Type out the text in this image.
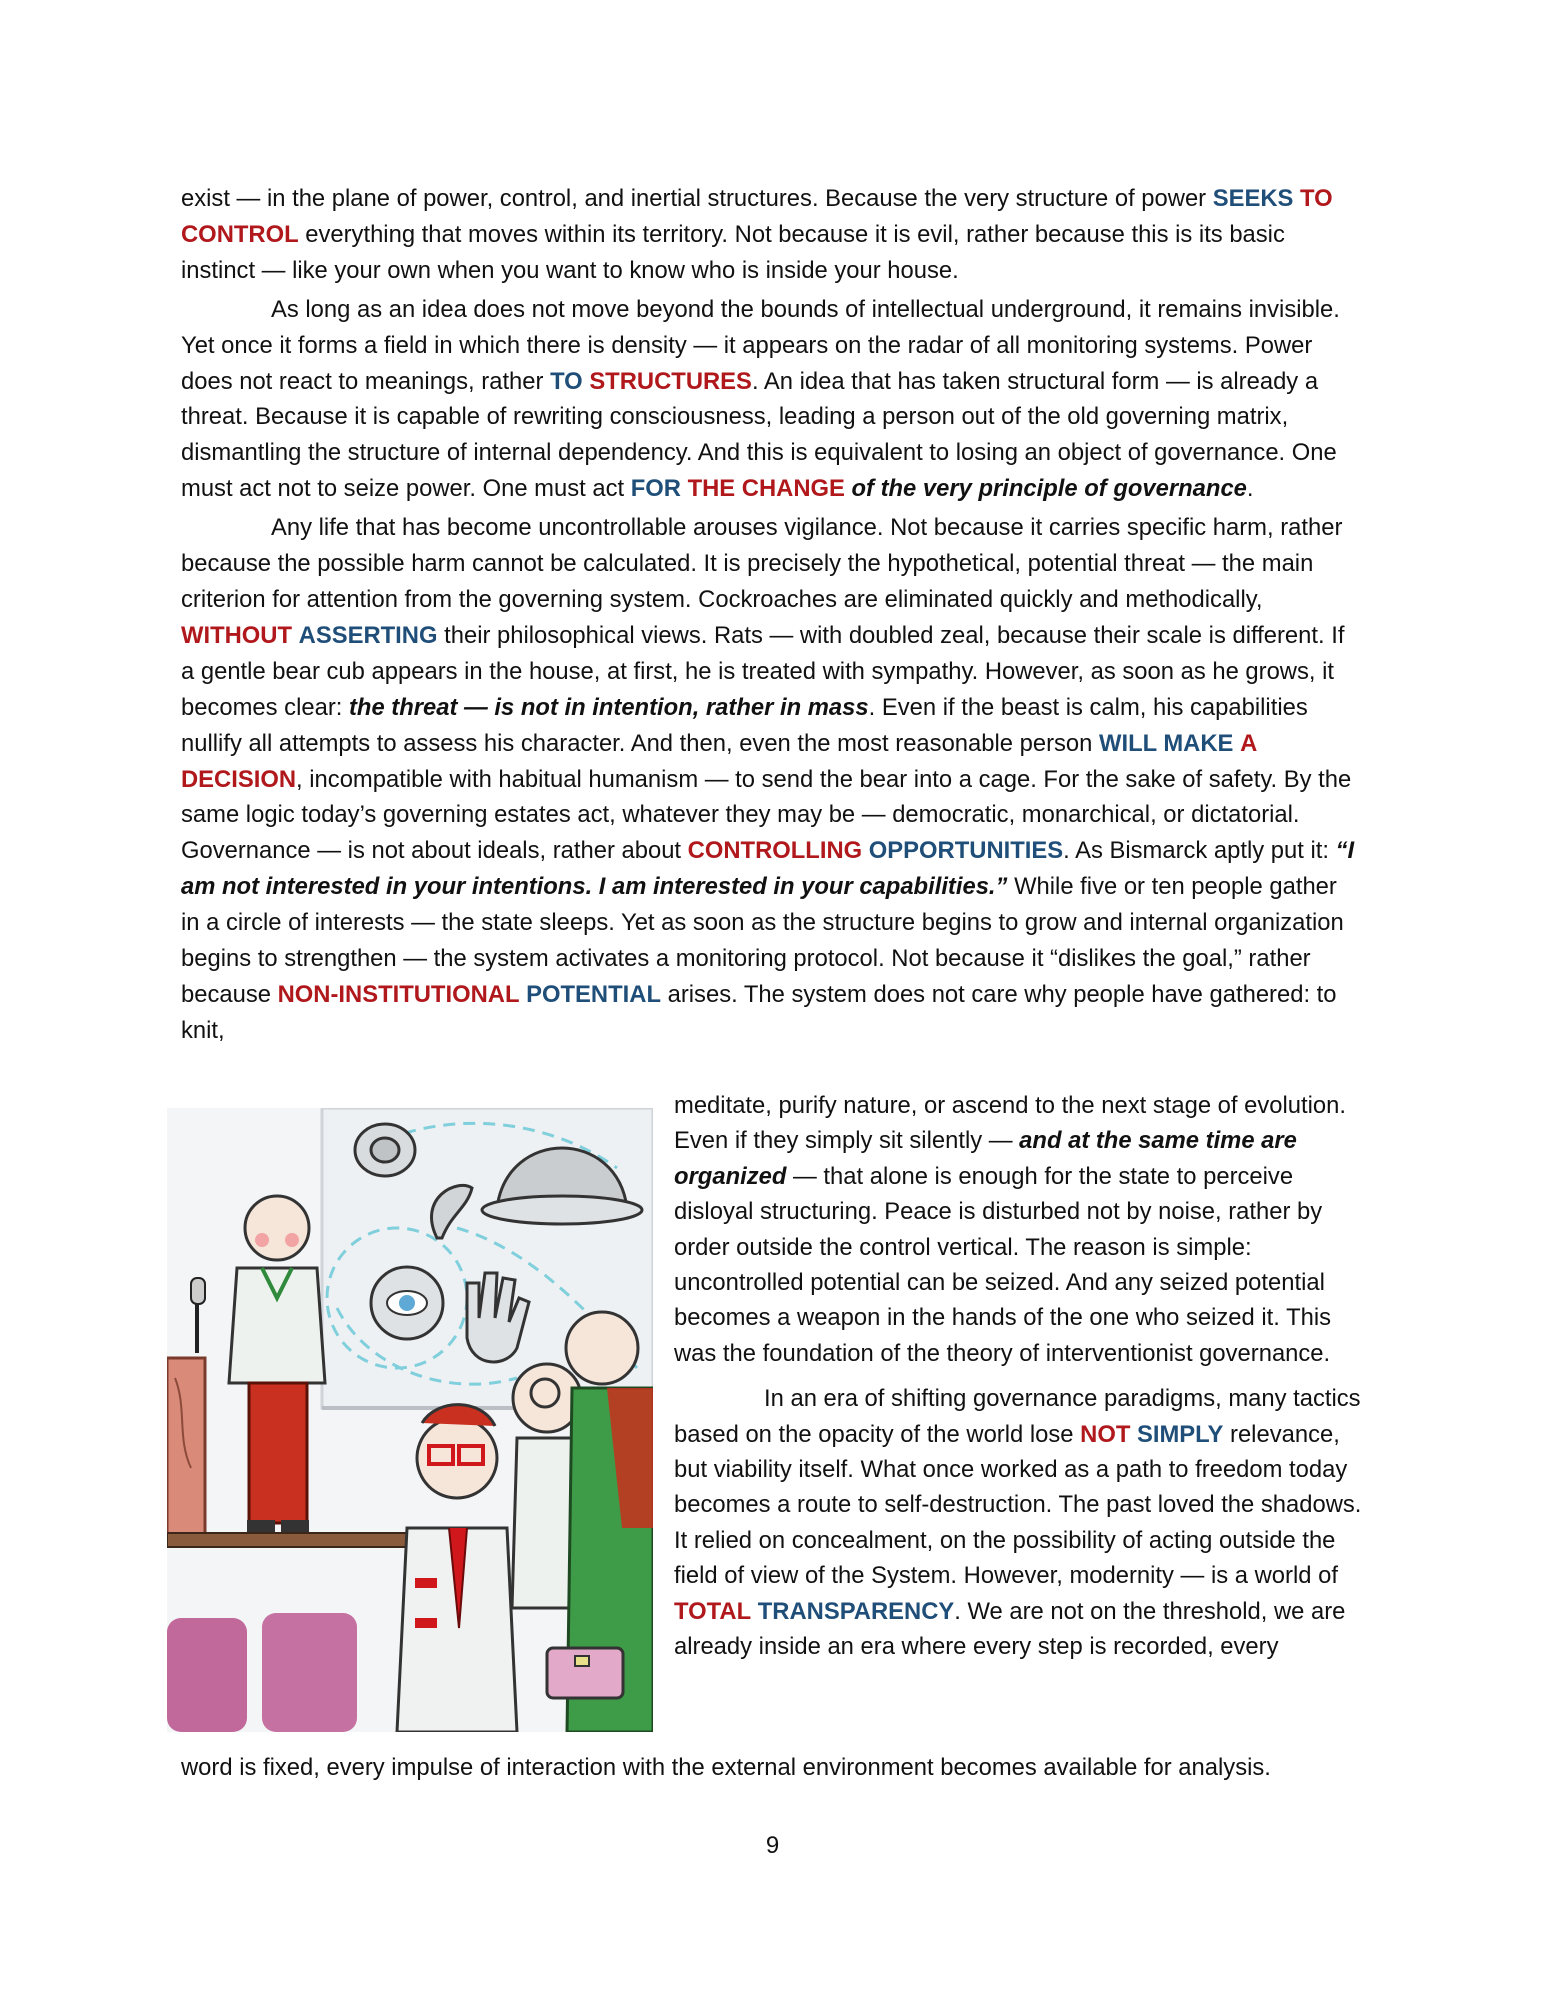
exist — in the plane of power, control, and inertial structures. Because the very structure of power SEEKS TO CONTROL everything that moves within its territory. Not because it is evil, rather because this is its basic instinct — like your own when you want to know who is inside your house.

As long as an idea does not move beyond the bounds of intellectual underground, it remains invisible. Yet once it forms a field in which there is density — it appears on the radar of all monitoring systems. Power does not react to meanings, rather TO STRUCTURES. An idea that has taken structural form — is already a threat. Because it is capable of rewriting consciousness, leading a person out of the old governing matrix, dismantling the structure of internal dependency. And this is equivalent to losing an object of governance. One must act not to seize power. One must act FOR THE CHANGE of the very principle of governance.

Any life that has become uncontrollable arouses vigilance. Not because it carries specific harm, rather because the possible harm cannot be calculated. It is precisely the hypothetical, potential threat — the main criterion for attention from the governing system. Cockroaches are eliminated quickly and methodically, WITHOUT ASSERTING their philosophical views. Rats — with doubled zeal, because their scale is different. If a gentle bear cub appears in the house, at first, he is treated with sympathy. However, as soon as he grows, it becomes clear: the threat — is not in intention, rather in mass. Even if the beast is calm, his capabilities nullify all attempts to assess his character. And then, even the most reasonable person WILL MAKE A DECISION, incompatible with habitual humanism — to send the bear into a cage. For the sake of safety. By the same logic today’s governing estates act, whatever they may be — democratic, monarchical, or dictatorial. Governance — is not about ideals, rather about CONTROLLING OPPORTUNITIES. As Bismarck aptly put it: “I am not interested in your intentions. I am interested in your capabilities.” While five or ten people gather in a circle of interests — the state sleeps. Yet as soon as the structure begins to grow and internal organization begins to strengthen — the system activates a monitoring protocol. Not because it “dislikes the goal,” rather because NON-INSTITUTIONAL POTENTIAL arises. The system does not care why people have gathered: to knit,

meditate, purify nature, or ascend to the next stage of evolution. Even if they simply sit silently — and at the same time are organized — that alone is enough for the state to perceive disloyal structuring. Peace is disturbed not by noise, rather by order outside the control vertical. The reason is simple: uncontrolled potential can be seized. And any seized potential becomes a weapon in the hands of the one who seized it. This was the foundation of the theory of interventionist governance.

In an era of shifting governance paradigms, many tactics based on the opacity of the world lose NOT SIMPLY relevance, but viability itself. What once worked as a path to freedom today becomes a route to self-destruction. The past loved the shadows. It relied on concealment, on the possibility of acting outside the field of view of the System. However, modernity — is a world of TOTAL TRANSPARENCY. We are not on the threshold, we are already inside an era where every step is recorded, every

word is fixed, every impulse of interaction with the external environment becomes available for analysis.
9
